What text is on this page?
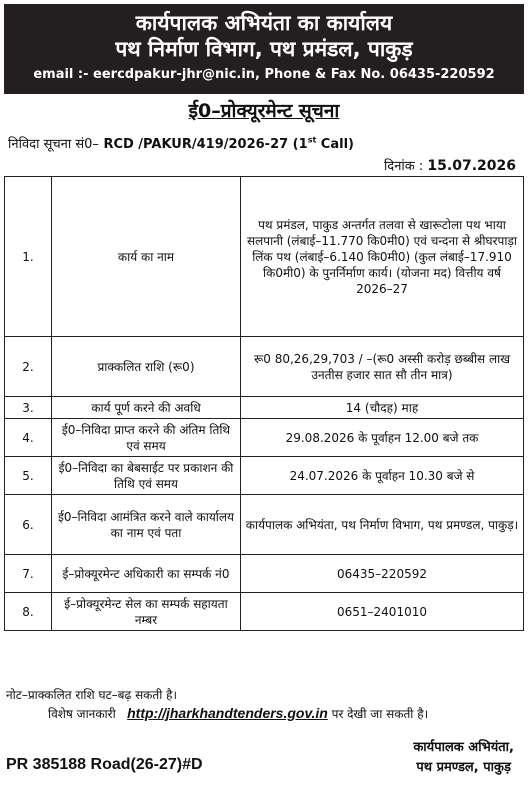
कार्यपालक अभियंता का कार्यालय
पथ निर्माण विभाग, पथ प्रमंडल, पाकुड़
email :- eercdpakur-jhr@nic.in, Phone & Fax No. 06435-220592
ई0–प्रोक्यूरमेन्ट सूचना
निविदा सूचना सं0– RCD /PAKUR/419/2026-27 (1st Call)
दिनांक : 15.07.2026
1.	कार्य का नाम	पथ प्रमंडल, पाकुड अन्तर्गत तलवा से खारूटोला पथ भाया सलपानी (लंबाई–11.770 कि0मी0) एवं चन्दना से श्रीघरपाड़ा लिंक पथ (लंबाई–6.140 कि0मी0) (कुल लंबाई–17.910 कि0मी0) के पुनर्निर्माण कार्य। (योजना मद) वित्तीय वर्ष 2026–27
2.	प्राक्कलित राशि (रू0)	रू0 80,26,29,703 / –(रू0 अस्सी करोड़ छब्बीस लाख उनतीस हजार सात सौ तीन मात्र)
3.	कार्य पूर्ण करने की अवधि	14 (चौदह) माह
4.	ई0–निविदा प्राप्त करने की अंतिम तिथि एवं समय	29.08.2026 के पूर्वाहन 12.00 बजे तक
5.	ई0–निविदा का बेबसाईट पर प्रकाशन की तिथि एवं समय	24.07.2026 के पूर्वाहन 10.30 बजे से
6.	ई0–निविदा आमंत्रित करने वाले कार्यालय का नाम एवं पता	कार्यपालक अभियंता, पथ निर्माण विभाग, पथ प्रमण्डल, पाकुड़।
7.	ई–प्रोक्यूरमेन्ट अधिकारी का सम्पर्क नं0	06435–220592
8.	ई–प्रोक्यूरमेन्ट सेल का सम्पर्क सहायता नम्बर	0651–2401010
नोट–प्राक्कलित राशि घट–बढ़ सकती है।
विशेष जानकारी http://jharkhandtenders.gov.in पर देखी जा सकती है।
PR 385188 Road(26-27)#D
कार्यपालक अभियंता,
पथ प्रमण्डल, पाकुड़
